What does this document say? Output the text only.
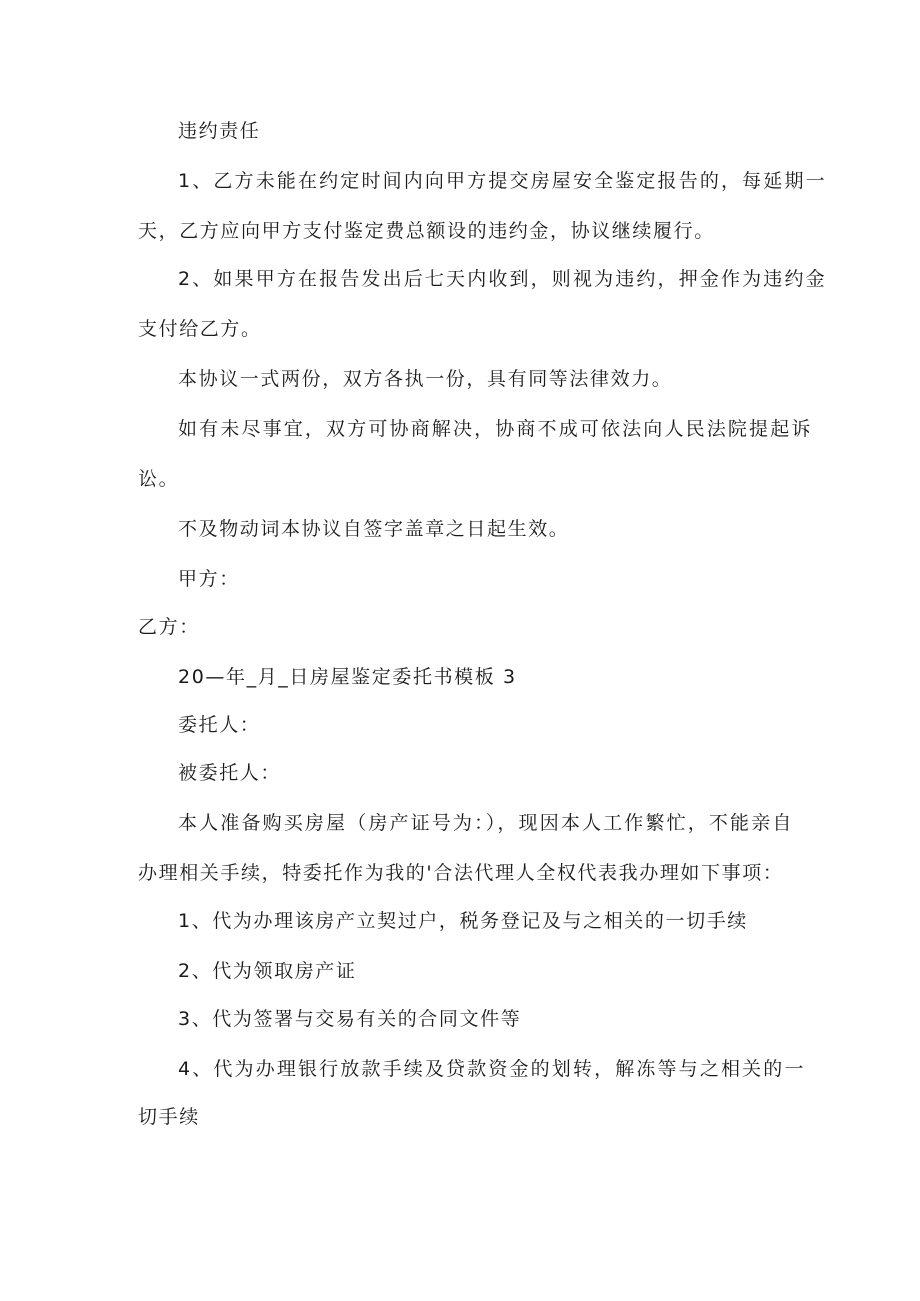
违约责任
1、乙方未能在约定时间内向甲方提交房屋安全鉴定报告的，每延期一
天，乙方应向甲方支付鉴定费总额设的违约金，协议继续履行。
2、如果甲方在报告发出后七天内收到，则视为违约，押金作为违约金
支付给乙方。
本协议一式两份，双方各执一份，具有同等法律效力。
如有未尽事宜，双方可协商解决，协商不成可依法向人民法院提起诉
讼。
不及物动词本协议自签字盖章之日起生效。
甲方：
乙方：
20—年_月_日房屋鉴定委托书模板 3
委托人：
被委托人：
本人准备购买房屋（房产证号为：），现因本人工作繁忙，不能亲自
办理相关手续，特委托作为我的'合法代理人全权代表我办理如下事项：
1、代为办理该房产立契过户，税务登记及与之相关的一切手续
2、代为领取房产证
3、代为签署与交易有关的合同文件等
4、代为办理银行放款手续及贷款资金的划转，解冻等与之相关的一
切手续
